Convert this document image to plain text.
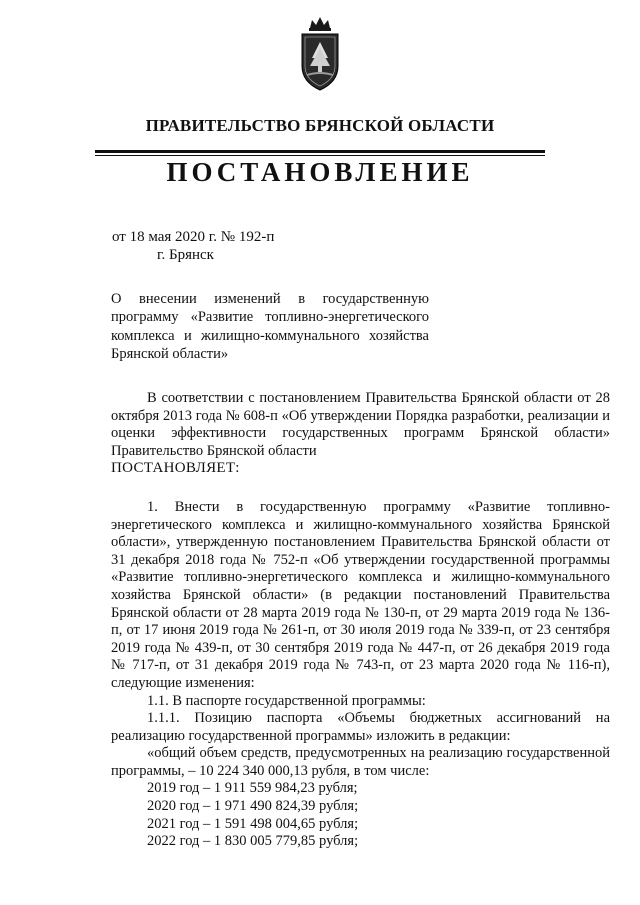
ПРАВИТЕЛЬСТВО БРЯНСКОЙ ОБЛАСТИ
ПОСТАНОВЛЕНИЕ
от 18 мая 2020 г. № 192-п
г. Брянск
О внесении изменений в государственную программу «Развитие топливно-энергетического комплекса и жилищно-коммунального хозяйства Брянской области»

В соответствии с постановлением Правительства Брянской области от 28 октября 2013 года № 608-п «Об утверждении Порядка разработки, реализации и оценки эффективности государственных программ Брянской области» Правительство Брянской области

ПОСТАНОВЛЯЕТ:

1. Внести в государственную программу «Развитие топливно-энергетического комплекса и жилищно-коммунального хозяйства Брянской области», утвержденную постановлением Правительства Брянской области от 31 декабря 2018 года № 752-п «Об утверждении государственной программы «Развитие топливно-энергетического комплекса и жилищно-коммунального хозяйства Брянской области» (в редакции постановлений Правительства Брянской области от 28 марта 2019 года № 130-п, от 29 марта 2019 года № 136-п, от 17 июня 2019 года № 261-п, от 30 июля 2019 года № 339-п, от 23 сентября 2019 года № 439-п, от 30 сентября 2019 года № 447-п, от 26 декабря 2019 года № 717-п, от 31 декабря 2019 года № 743-п, от 23 марта 2020 года № 116-п), следующие изменения:

1.1. В паспорте государственной программы:

1.1.1. Позицию паспорта «Объемы бюджетных ассигнований на реализацию государственной программы» изложить в редакции:

«общий объем средств, предусмотренных на реализацию государственной программы, – 10 224 340 000,13 рубля, в том числе:

2019 год – 1 911 559 984,23 рубля;

2020 год – 1 971 490 824,39 рубля;

2021 год – 1 591 498 004,65 рубля;

2022 год – 1 830 005 779,85 рубля;
